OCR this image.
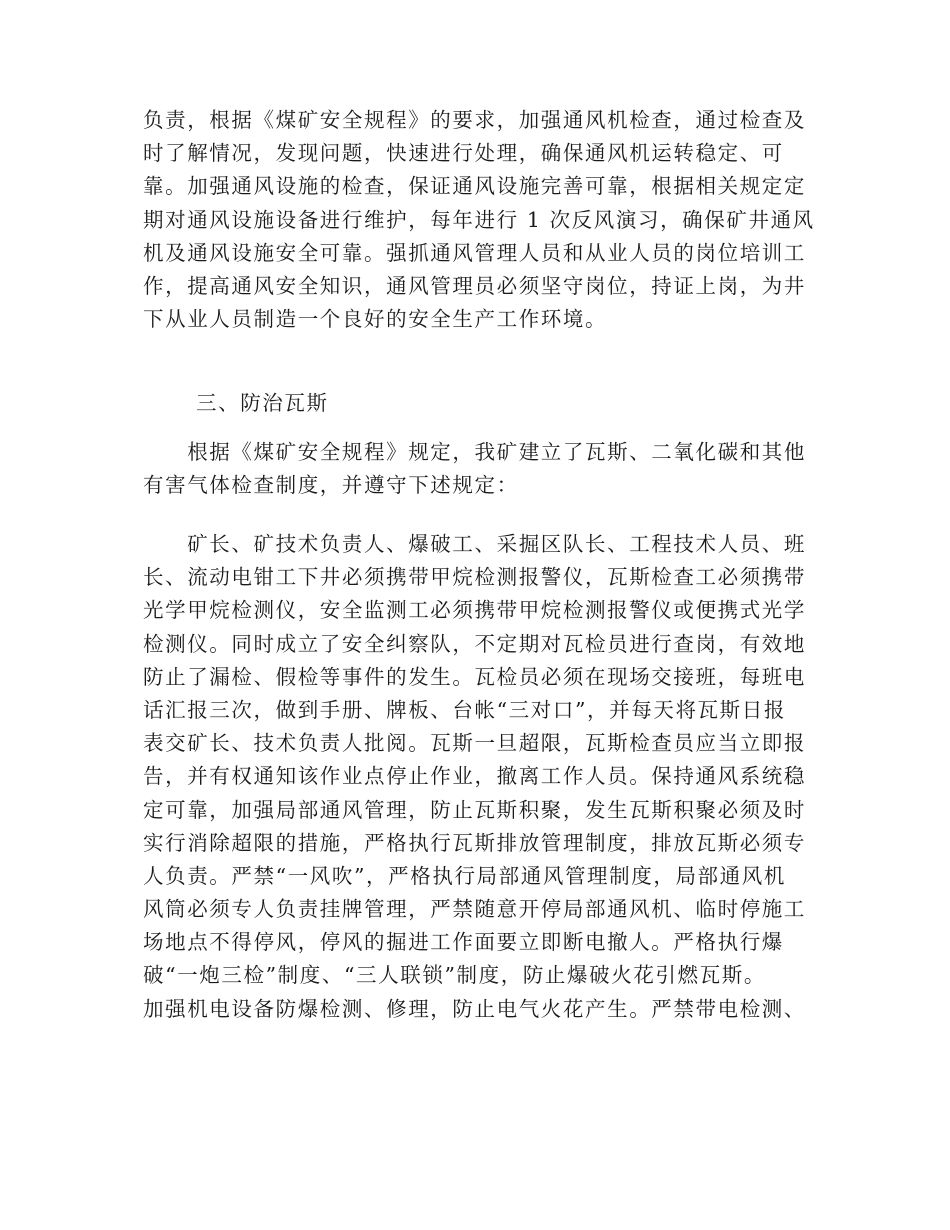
负责，根据《煤矿安全规程》的要求，加强通风机检查，通过检查及
时了解情况，发现问题，快速进行处理，确保通风机运转稳定、可
靠。加强通风设施的检查，保证通风设施完善可靠，根据相关规定定
期对通风设施设备进行维护，每年进行 1 次反风演习，确保矿井通风
机及通风设施安全可靠。强抓通风管理人员和从业人员的岗位培训工
作，提高通风安全知识，通风管理员必须坚守岗位，持证上岗，为井
下从业人员制造一个良好的安全生产工作环境。
三、防治瓦斯
　　根据《煤矿安全规程》规定，我矿建立了瓦斯、二氧化碳和其他
有害气体检查制度，并遵守下述规定：
　　矿长、矿技术负责人、爆破工、采掘区队长、工程技术人员、班
长、流动电钳工下井必须携带甲烷检测报警仪，瓦斯检查工必须携带
光学甲烷检测仪，安全监测工必须携带甲烷检测报警仪或便携式光学
检测仪。同时成立了安全纠察队，不定期对瓦检员进行查岗，有效地
防止了漏检、假检等事件的发生。瓦检员必须在现场交接班，每班电
话汇报三次，做到手册、牌板、台帐“三对口”，并每天将瓦斯日报
表交矿长、技术负责人批阅。瓦斯一旦超限，瓦斯检查员应当立即报
告，并有权通知该作业点停止作业，撤离工作人员。保持通风系统稳
定可靠，加强局部通风管理，防止瓦斯积聚，发生瓦斯积聚必须及时
实行消除超限的措施，严格执行瓦斯排放管理制度，排放瓦斯必须专
人负责。严禁“一风吹”，严格执行局部通风管理制度，局部通风机
风筒必须专人负责挂牌管理，严禁随意开停局部通风机、临时停施工
场地点不得停风，停风的掘进工作面要立即断电撤人。严格执行爆
破“一炮三检”制度、“三人联锁”制度，防止爆破火花引燃瓦斯。
加强机电设备防爆检测、修理，防止电气火花产生。严禁带电检测、
